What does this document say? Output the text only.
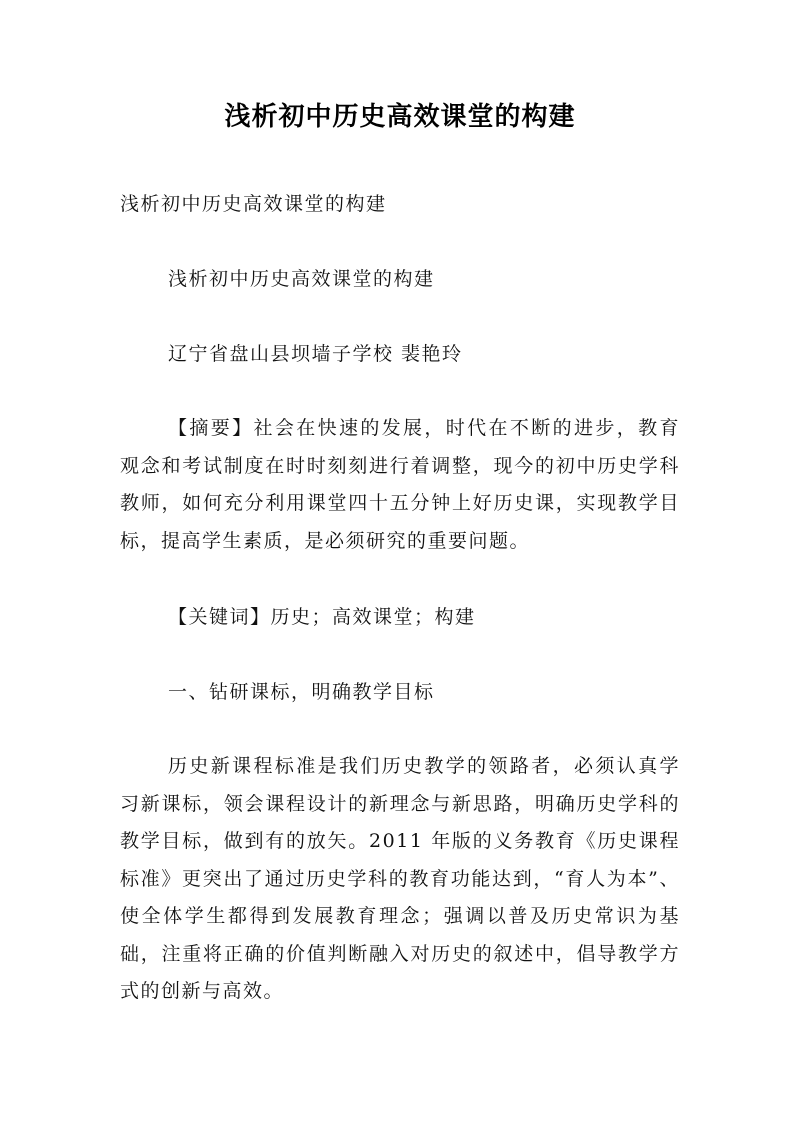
浅析初中历史高效课堂的构建
浅析初中历史高效课堂的构建
浅析初中历史高效课堂的构建
辽宁省盘山县坝墙子学校 裴艳玲

【摘要】社会在快速的发展，时代在不断的进步，教育观念和考试制度在时时刻刻进行着调整，现今的初中历史学科教师，如何充分利用课堂四十五分钟上好历史课，实现教学目标，提高学生素质，是必须研究的重要问题。

【关键词】历史；高效课堂；构建
一、钻研课标，明确教学目标

历史新课程标准是我们历史教学的领路者，必须认真学习新课标，领会课程设计的新理念与新思路，明确历史学科的教学目标，做到有的放矢。2011 年版的义务教育《历史课程标准》更突出了通过历史学科的教育功能达到，“育人为本”、使全体学生都得到发展教育理念；强调以普及历史常识为基础，注重将正确的价值判断融入对历史的叙述中，倡导教学方式的创新与高效。
